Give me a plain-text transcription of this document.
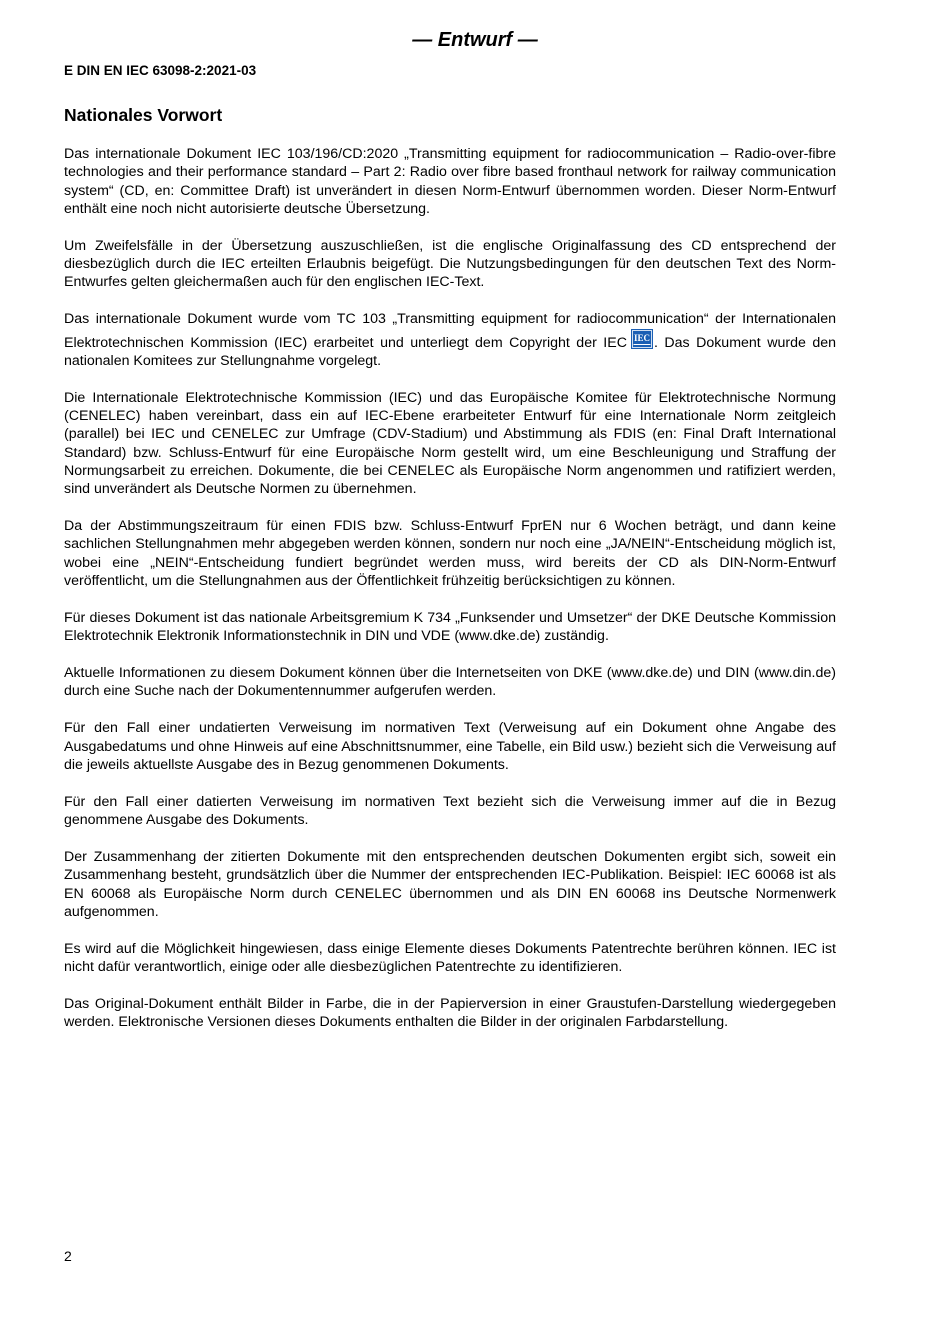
— Entwurf —
E DIN EN IEC 63098-2:2021-03
Nationales Vorwort

Das internationale Dokument IEC 103/196/CD:2020 „Transmitting equipment for radiocommunication – Radio-over-fibre technologies and their performance standard – Part 2: Radio over fibre based fronthaul network for railway communication system“ (CD, en: Committee Draft) ist unverändert in diesen Norm-Entwurf übernommen worden. Dieser Norm-Entwurf enthält eine noch nicht autorisierte deutsche Übersetzung.

Um Zweifelsfälle in der Übersetzung auszuschließen, ist die englische Originalfassung des CD entsprechend der diesbezüglich durch die IEC erteilten Erlaubnis beigefügt. Die Nutzungsbedingungen für den deutschen Text des Norm-Entwurfes gelten gleichermaßen auch für den englischen IEC-Text.

Das internationale Dokument wurde vom TC 103 „Transmitting equipment for radiocommunication“ der Internationalen Elektrotechnischen Kommission (IEC) erarbeitet und unterliegt dem Copyright der IEC IEC . Das Dokument wurde den nationalen Komitees zur Stellungnahme vorgelegt.

Die Internationale Elektrotechnische Kommission (IEC) und das Europäische Komitee für Elektrotechnische Normung (CENELEC) haben vereinbart, dass ein auf IEC-Ebene erarbeiteter Entwurf für eine Internationale Norm zeitgleich (parallel) bei IEC und CENELEC zur Umfrage (CDV-Stadium) und Abstimmung als FDIS (en: Final Draft International Standard) bzw. Schluss-Entwurf für eine Europäische Norm gestellt wird, um eine Beschleunigung und Straffung der Normungsarbeit zu erreichen. Dokumente, die bei CENELEC als Europäische Norm angenommen und ratifiziert werden, sind unverändert als Deutsche Normen zu übernehmen.

Da der Abstimmungszeitraum für einen FDIS bzw. Schluss-Entwurf FprEN nur 6 Wochen beträgt, und dann keine sachlichen Stellungnahmen mehr abgegeben werden können, sondern nur noch eine „JA/NEIN“-Entscheidung möglich ist, wobei eine „NEIN“-Entscheidung fundiert begründet werden muss, wird bereits der CD als DIN-Norm-Entwurf veröffentlicht, um die Stellungnahmen aus der Öffentlichkeit frühzeitig berücksichtigen zu können.

Für dieses Dokument ist das nationale Arbeitsgremium K 734 „Funksender und Umsetzer“ der DKE Deutsche Kommission Elektrotechnik Elektronik Informationstechnik in DIN und VDE (www.dke.de) zuständig.

Aktuelle Informationen zu diesem Dokument können über die Internetseiten von DKE (www.dke.de) und DIN (www.din.de) durch eine Suche nach der Dokumentennummer aufgerufen werden.

Für den Fall einer undatierten Verweisung im normativen Text (Verweisung auf ein Dokument ohne Angabe des Ausgabedatums und ohne Hinweis auf eine Abschnittsnummer, eine Tabelle, ein Bild usw.) bezieht sich die Verweisung auf die jeweils aktuellste Ausgabe des in Bezug genommenen Dokuments.

Für den Fall einer datierten Verweisung im normativen Text bezieht sich die Verweisung immer auf die in Bezug genommene Ausgabe des Dokuments.

Der Zusammenhang der zitierten Dokumente mit den entsprechenden deutschen Dokumenten ergibt sich, soweit ein Zusammenhang besteht, grundsätzlich über die Nummer der entsprechenden IEC-Publikation. Beispiel: IEC 60068 ist als EN 60068 als Europäische Norm durch CENELEC übernommen und als DIN EN 60068 ins Deutsche Normenwerk aufgenommen.

Es wird auf die Möglichkeit hingewiesen, dass einige Elemente dieses Dokuments Patentrechte berühren können. IEC ist nicht dafür verantwortlich, einige oder alle diesbezüglichen Patentrechte zu identifizieren.

Das Original-Dokument enthält Bilder in Farbe, die in der Papierversion in einer Graustufen-Darstellung wiedergegeben werden. Elektronische Versionen dieses Dokuments enthalten die Bilder in der originalen Farbdarstellung.

2
